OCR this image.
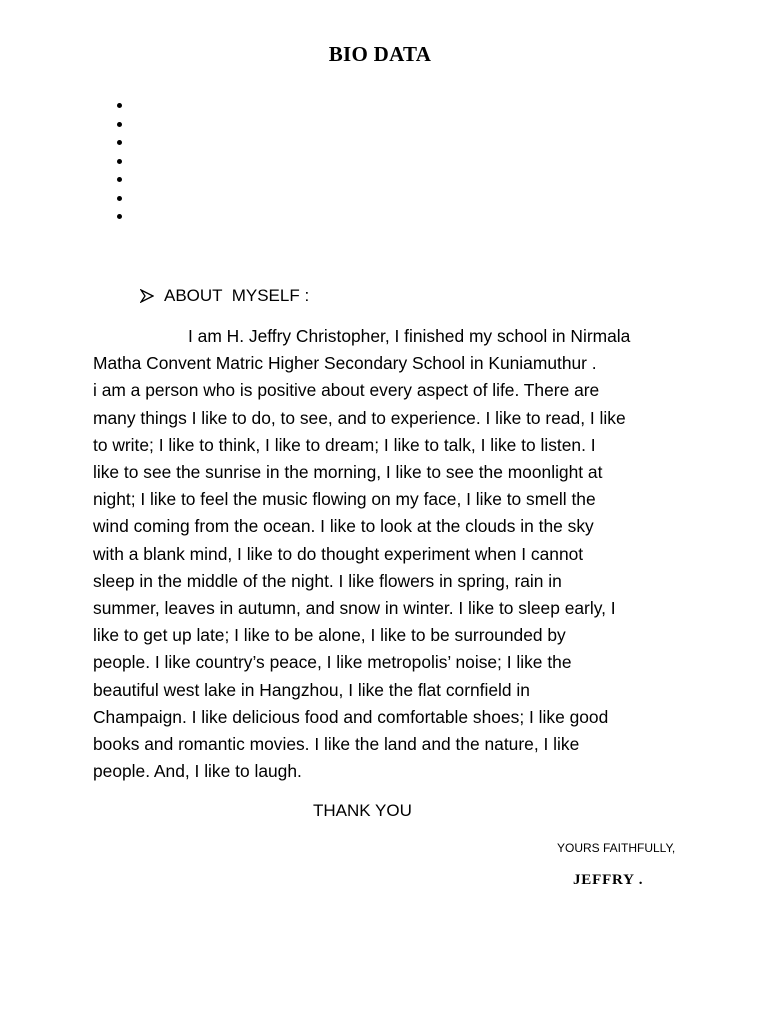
BIO DATA
ABOUT  MYSELF :

I am H. Jeffry Christopher, I finished my school in Nirmala
Matha Convent Matric Higher Secondary School in Kuniamuthur .
i am a person who is positive about every aspect of life. There are
many things I like to do, to see, and to experience. I like to read, I like
to write; I like to think, I like to dream; I like to talk, I like to listen. I
like to see the sunrise in the morning, I like to see the moonlight at
night; I like to feel the music flowing on my face, I like to smell the
wind coming from the ocean. I like to look at the clouds in the sky
with a blank mind, I like to do thought experiment when I cannot
sleep in the middle of the night. I like flowers in spring, rain in
summer, leaves in autumn, and snow in winter. I like to sleep early, I
like to get up late; I like to be alone, I like to be surrounded by
people. I like country’s peace, I like metropolis’ noise; I like the
beautiful west lake in Hangzhou, I like the flat cornfield in
Champaign. I like delicious food and comfortable shoes; I like good
books and romantic movies. I like the land and the nature, I like
people. And, I like to laugh.

THANK YOU
YOURS FAITHFULLY,
JEFFRY .
